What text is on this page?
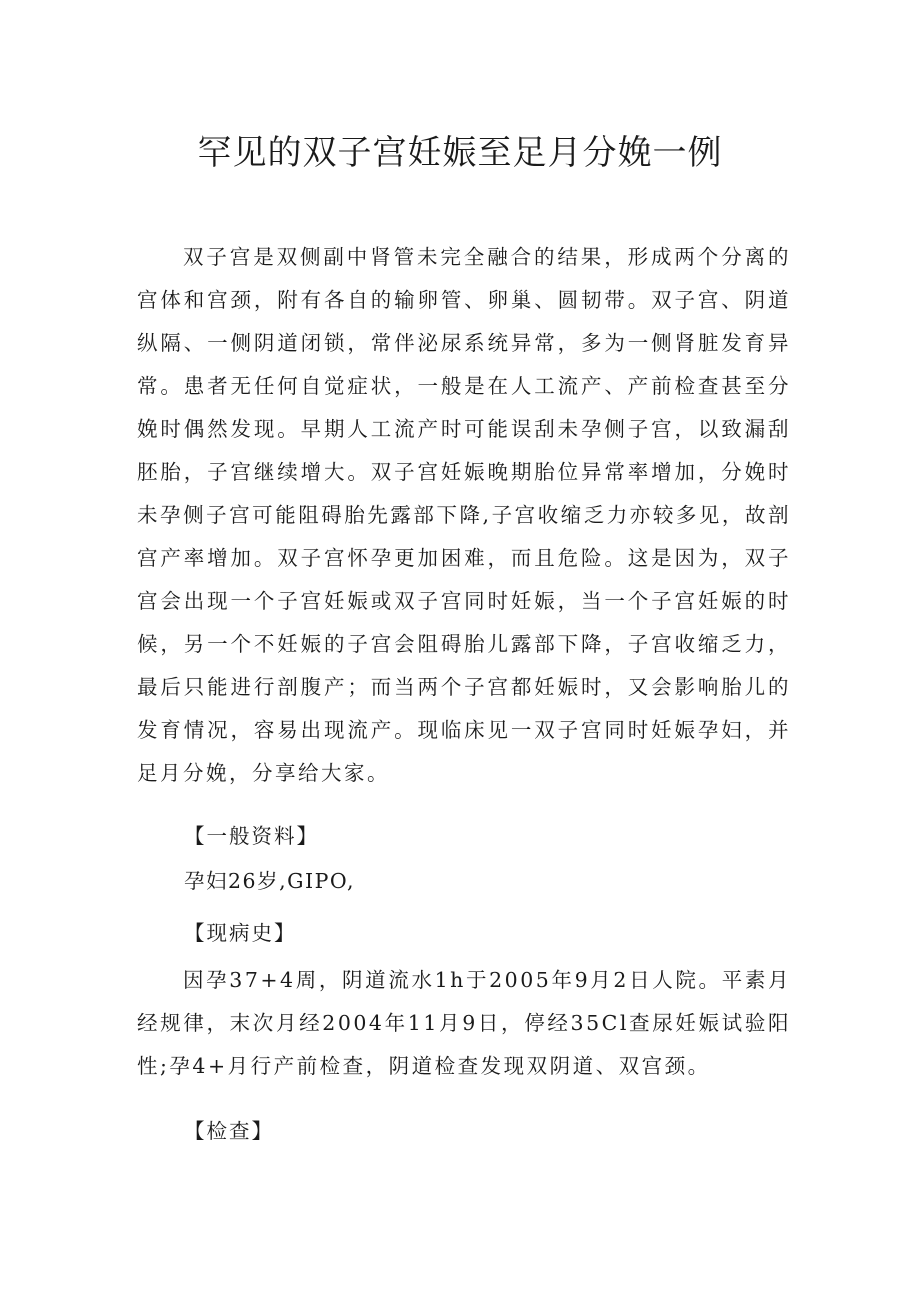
罕见的双子宫妊娠至足月分娩一例

双子宫是双侧副中肾管未完全融合的结果，形成两个分离的宫体和宫颈，附有各自的输卵管、卵巢、圆韧带。双子宫、阴道纵隔、一侧阴道闭锁，常伴泌尿系统异常，多为一侧肾脏发育异常。患者无任何自觉症状，一般是在人工流产、产前检查甚至分娩时偶然发现。早期人工流产时可能误刮未孕侧子宫，以致漏刮胚胎，子宫继续增大。双子宫妊娠晚期胎位异常率增加，分娩时未孕侧子宫可能阻碍胎先露部下降,子宫收缩乏力亦较多见，故剖宫产率增加。双子宫怀孕更加困难，而且危险。这是因为，双子宫会出现一个子宫妊娠或双子宫同时妊娠，当一个子宫妊娠的时候，另一个不妊娠的子宫会阻碍胎儿露部下降，子宫收缩乏力，最后只能进行剖腹产；而当两个子宫都妊娠时，又会影响胎儿的发育情况，容易出现流产。现临床见一双子宫同时妊娠孕妇，并足月分娩，分享给大家。

【一般资料】

孕妇26岁,GIPO,

【现病史】

因孕37+4周，阴道流水1h于2005年9月2日人院。平素月经规律，末次月经2004年11月9日，停经35Cl查尿妊娠试验阳性;孕4+月行产前检查，阴道检查发现双阴道、双宫颈。

【检查】
